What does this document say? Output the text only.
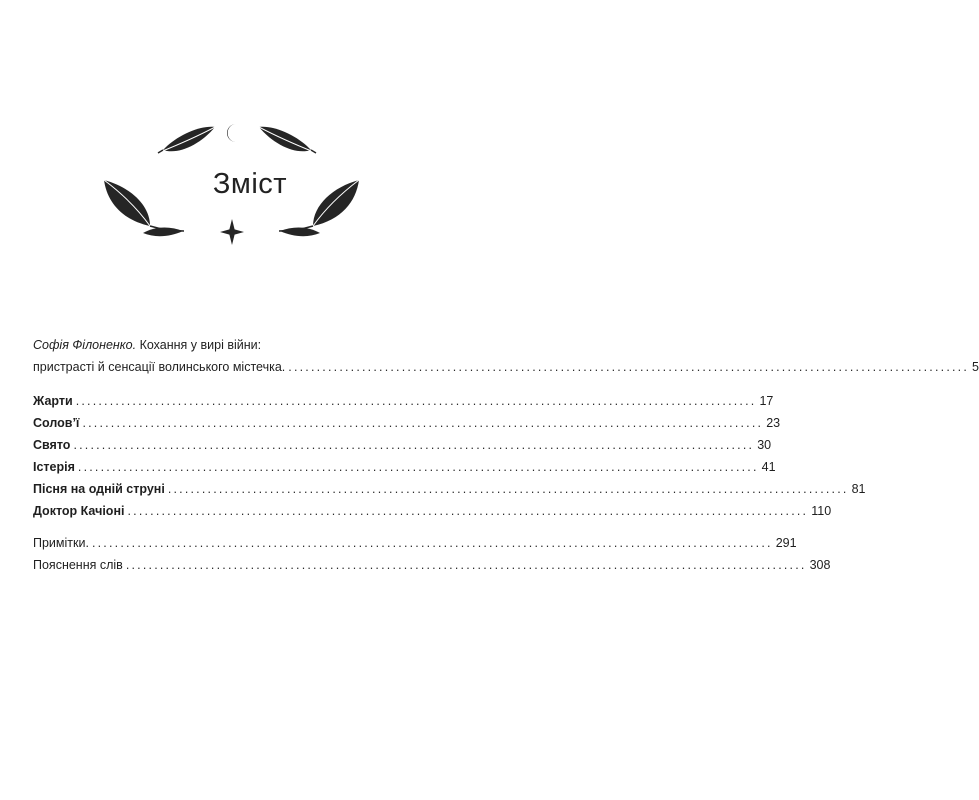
Зміст
Софія Філоненко. Кохання у вирі війни:
пристрасті й сенсації волинського містечка. ........................................................................................................................ 5
Жарти ........................................................................................................................ 17
Солов’ї ........................................................................................................................ 23
Свято ........................................................................................................................ 30
Істерія ........................................................................................................................ 41
Пісня на одній струні ........................................................................................................................ 81
Доктор Качіоні ........................................................................................................................ 110
Примітки. ........................................................................................................................ 291
Пояснення слів ........................................................................................................................ 308
